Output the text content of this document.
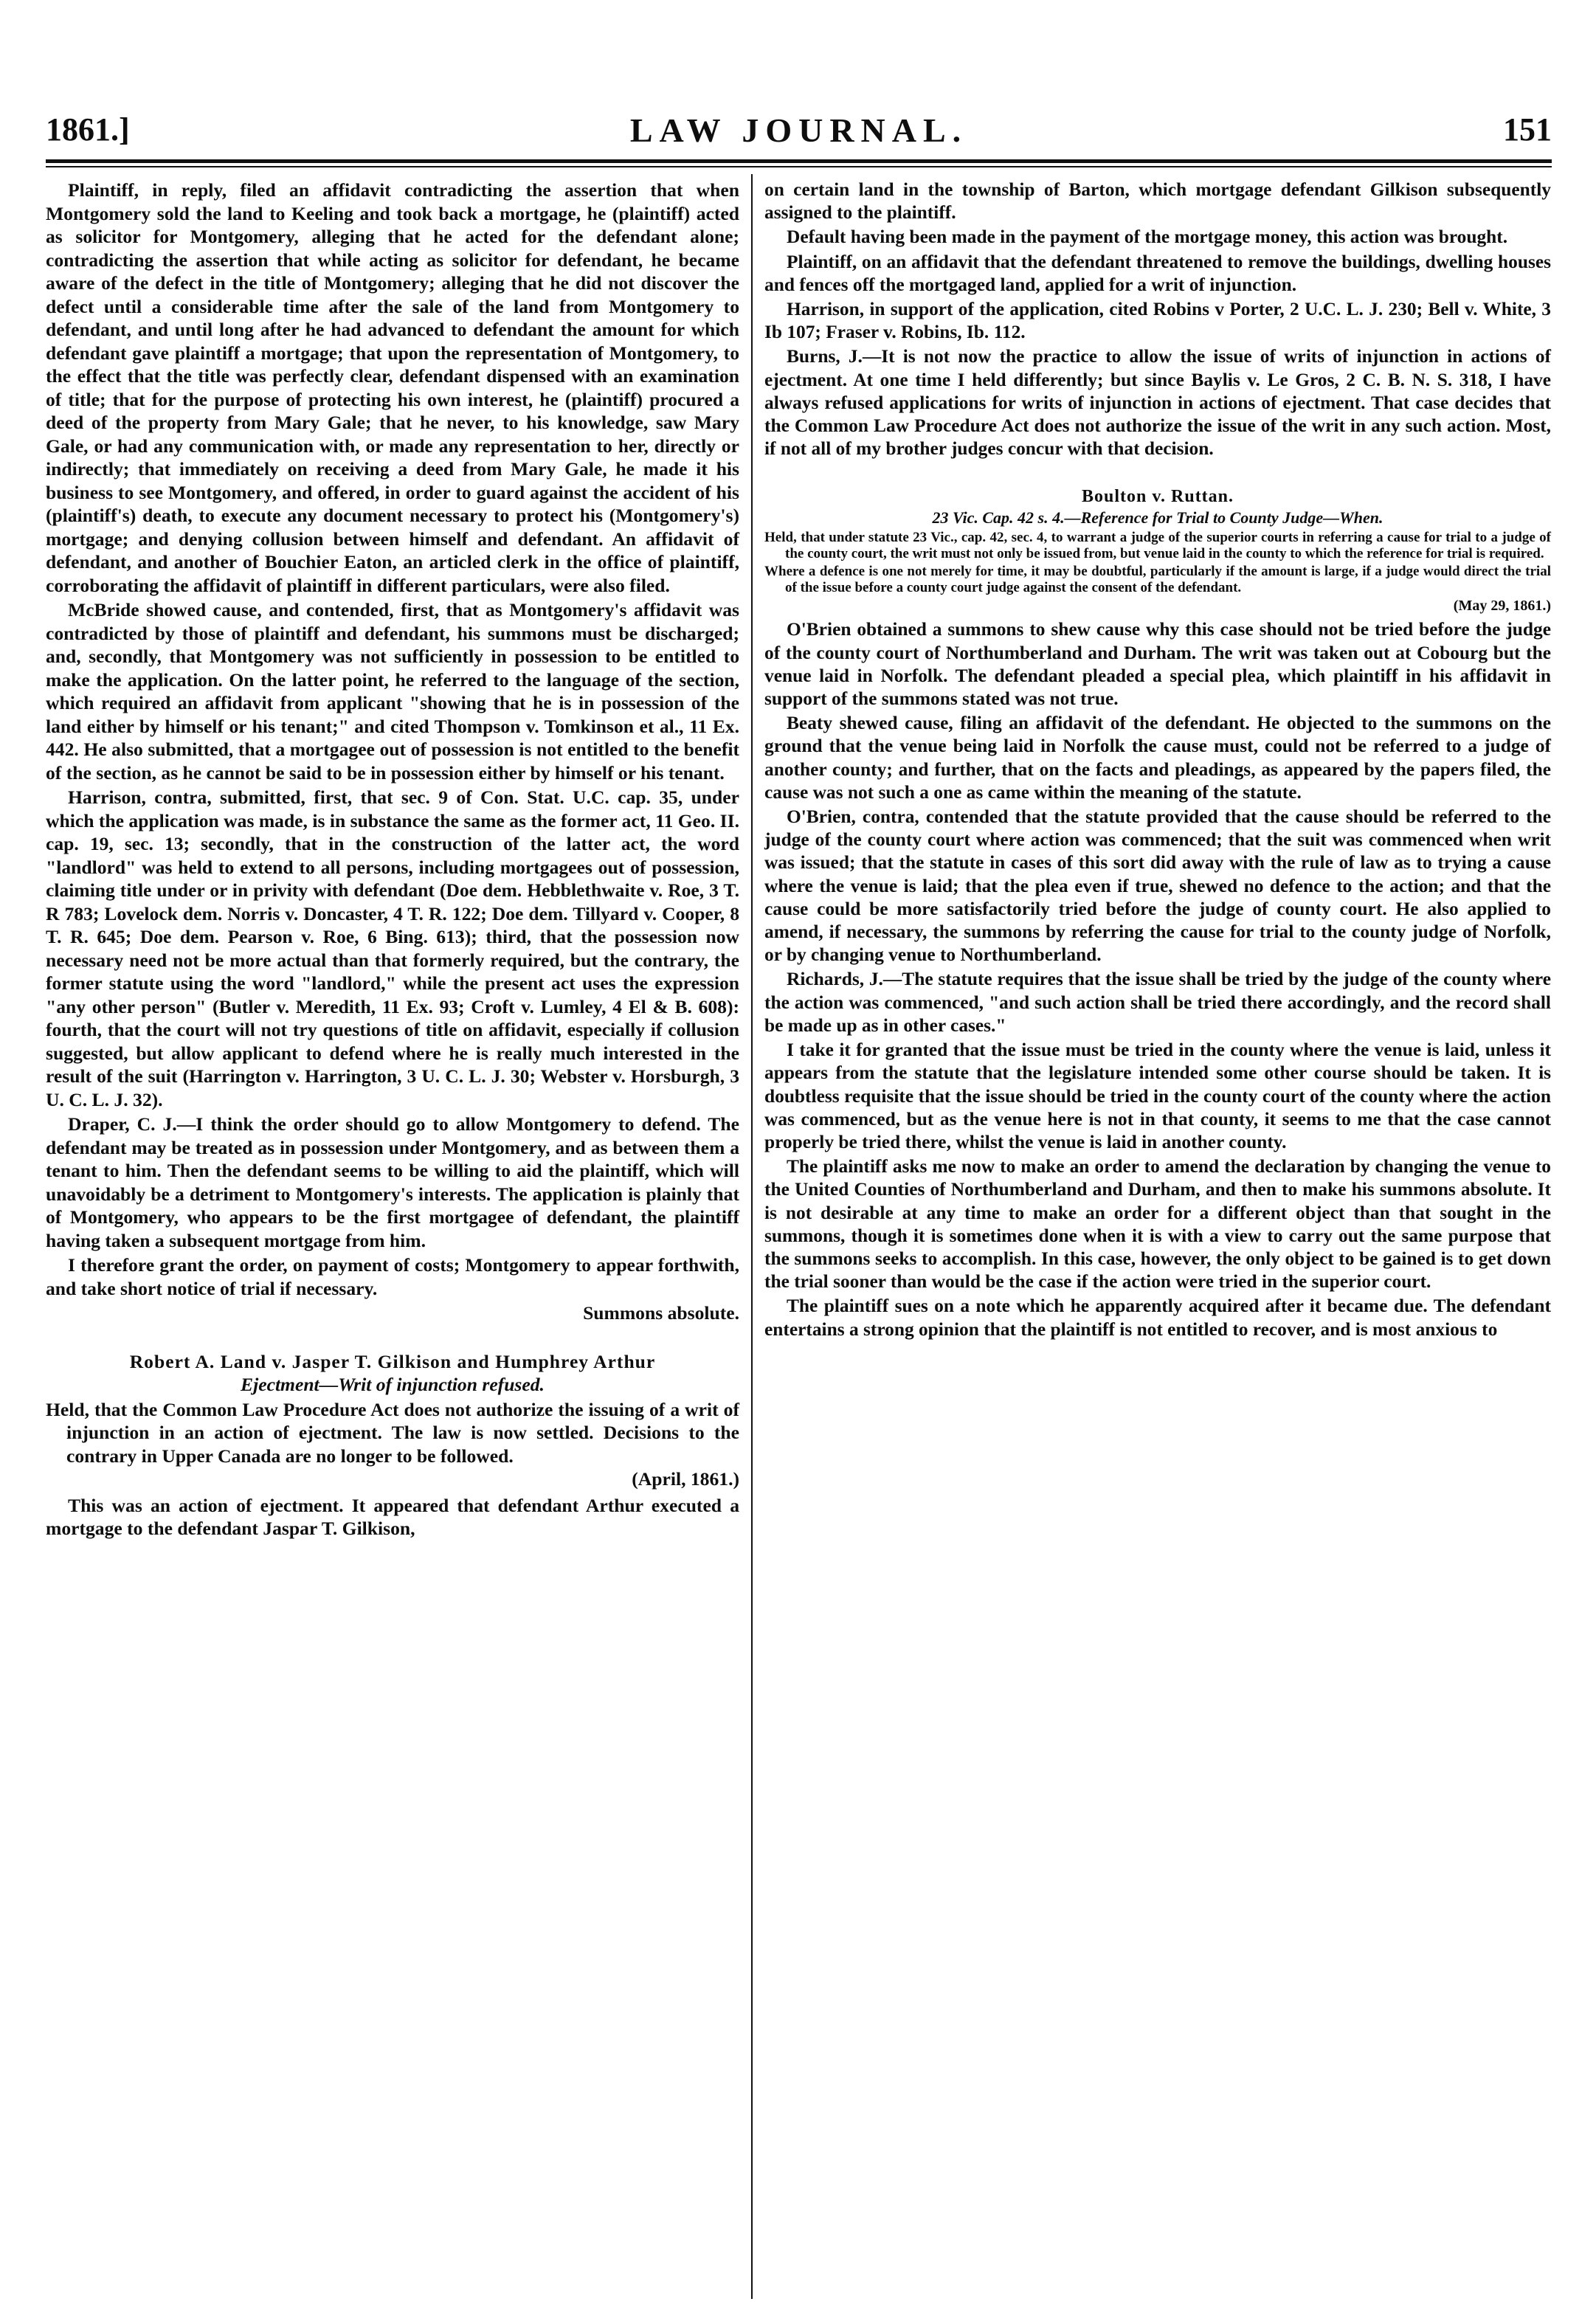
1861.]	LAW JOURNAL.	151

Plaintiff, in reply, filed an affidavit contradicting the assertion that when Montgomery sold the land to Keeling and took back a mortgage, he (plaintiff) acted as solicitor for Montgomery, alleging that he acted for the defendant alone; contradicting the assertion that while acting as solicitor for defendant, he became aware of the defect in the title of Montgomery; alleging that he did not discover the defect until a considerable time after the sale of the land from Montgomery to defendant, and until long after he had advanced to defendant the amount for which defendant gave plaintiff a mortgage; that upon the representation of Montgomery, to the effect that the title was perfectly clear, defendant dispensed with an examination of title; that for the purpose of protecting his own interest, he (plaintiff) procured a deed of the property from Mary Gale; that he never, to his knowledge, saw Mary Gale, or had any communication with, or made any representation to her, directly or indirectly; that immediately on receiving a deed from Mary Gale, he made it his business to see Montgomery, and offered, in order to guard against the accident of his (plaintiff's) death, to execute any document necessary to protect his (Montgomery's) mortgage; and denying collusion between himself and defendant. An affidavit of defendant, and another of Bouchier Eaton, an articled clerk in the office of plaintiff, corroborating the affidavit of plaintiff in different particulars, were also filed.

McBride showed cause, and contended, first, that as Montgomery's affidavit was contradicted by those of plaintiff and defendant, his summons must be discharged; and, secondly, that Montgomery was not sufficiently in possession to be entitled to make the application. On the latter point, he referred to the language of the section, which required an affidavit from applicant "showing that he is in possession of the land either by himself or his tenant;" and cited Thompson v. Tomkinson et al., 11 Ex. 442. He also submitted, that a mortgagee out of possession is not entitled to the benefit of the section, as he cannot be said to be in possession either by himself or his tenant.

Harrison, contra, submitted, first, that sec. 9 of Con. Stat. U.C. cap. 35, under which the application was made, is in substance the same as the former act, 11 Geo. II. cap. 19, sec. 13; secondly, that in the construction of the latter act, the word "landlord" was held to extend to all persons, including mortgagees out of possession, claiming title under or in privity with defendant (Doe dem. Hebblethwaite v. Roe, 3 T. R 783; Lovelock dem. Norris v. Doncaster, 4 T. R. 122; Doe dem. Tillyard v. Cooper, 8 T. R. 645; Doe dem. Pearson v. Roe, 6 Bing. 613); third, that the possession now necessary need not be more actual than that formerly required, but the contrary, the former statute using the word "landlord," while the present act uses the expression "any other person" (Butler v. Meredith, 11 Ex. 93; Croft v. Lumley, 4 El & B. 608): fourth, that the court will not try questions of title on affidavit, especially if collusion suggested, but allow applicant to defend where he is really much interested in the result of the suit (Harrington v. Harrington, 3 U. C. L. J. 30; Webster v. Horsburgh, 3 U. C. L. J. 32).

Draper, C. J.—I think the order should go to allow Montgomery to defend. The defendant may be treated as in possession under Montgomery, and as between them a tenant to him. Then the defendant seems to be willing to aid the plaintiff, which will unavoidably be a detriment to Montgomery's interests. The application is plainly that of Montgomery, who appears to be the first mortgagee of defendant, the plaintiff having taken a subsequent mortgage from him.

I therefore grant the order, on payment of costs; Montgomery to appear forthwith, and take short notice of trial if necessary.

Summons absolute.

Robert A. Land v. Jasper T. Gilkison and Humphrey Arthur

Ejectment—Writ of injunction refused.

Held, that the Common Law Procedure Act does not authorize the issuing of a writ of injunction in an action of ejectment. The law is now settled. Decisions to the contrary in Upper Canada are no longer to be followed.

(April, 1861.)

This was an action of ejectment. It appeared that defendant Arthur executed a mortgage to the defendant Jaspar T. Gilkison,

on certain land in the township of Barton, which mortgage defendant Gilkison subsequently assigned to the plaintiff.

Default having been made in the payment of the mortgage money, this action was brought.

Plaintiff, on an affidavit that the defendant threatened to remove the buildings, dwelling houses and fences off the mortgaged land, applied for a writ of injunction.

Harrison, in support of the application, cited Robins v Porter, 2 U.C. L. J. 230; Bell v. White, 3 Ib 107; Fraser v. Robins, Ib. 112.

Burns, J.—It is not now the practice to allow the issue of writs of injunction in actions of ejectment. At one time I held differently; but since Baylis v. Le Gros, 2 C. B. N. S. 318, I have always refused applications for writs of injunction in actions of ejectment. That case decides that the Common Law Procedure Act does not authorize the issue of the writ in any such action. Most, if not all of my brother judges concur with that decision.

Boulton v. Ruttan.

23 Vic. Cap. 42 s. 4.—Reference for Trial to County Judge—When.

Held, that under statute 23 Vic., cap. 42, sec. 4, to warrant a judge of the superior courts in referring a cause for trial to a judge of the county court, the writ must not only be issued from, but venue laid in the county to which the reference for trial is required.

Where a defence is one not merely for time, it may be doubtful, particularly if the amount is large, if a judge would direct the trial of the issue before a county court judge against the consent of the defendant.

(May 29, 1861.)

O'Brien obtained a summons to shew cause why this case should not be tried before the judge of the county court of Northumberland and Durham. The writ was taken out at Cobourg but the venue laid in Norfolk. The defendant pleaded a special plea, which plaintiff in his affidavit in support of the summons stated was not true.

Beaty shewed cause, filing an affidavit of the defendant. He objected to the summons on the ground that the venue being laid in Norfolk the cause must, could not be referred to a judge of another county; and further, that on the facts and pleadings, as appeared by the papers filed, the cause was not such a one as came within the meaning of the statute.

O'Brien, contra, contended that the statute provided that the cause should be referred to the judge of the county court where action was commenced; that the suit was commenced when writ was issued; that the statute in cases of this sort did away with the rule of law as to trying a cause where the venue is laid; that the plea even if true, shewed no defence to the action; and that the cause could be more satisfactorily tried before the judge of county court. He also applied to amend, if necessary, the summons by referring the cause for trial to the county judge of Norfolk, or by changing venue to Northumberland.

Richards, J.—The statute requires that the issue shall be tried by the judge of the county where the action was commenced, "and such action shall be tried there accordingly, and the record shall be made up as in other cases."

I take it for granted that the issue must be tried in the county where the venue is laid, unless it appears from the statute that the legislature intended some other course should be taken. It is doubtless requisite that the issue should be tried in the county court of the county where the action was commenced, but as the venue here is not in that county, it seems to me that the case cannot properly be tried there, whilst the venue is laid in another county.

The plaintiff asks me now to make an order to amend the declaration by changing the venue to the United Counties of Northumberland and Durham, and then to make his summons absolute. It is not desirable at any time to make an order for a different object than that sought in the summons, though it is sometimes done when it is with a view to carry out the same purpose that the summons seeks to accomplish. In this case, however, the only object to be gained is to get down the trial sooner than would be the case if the action were tried in the superior court.

The plaintiff sues on a note which he apparently acquired after it became due. The defendant entertains a strong opinion that the plaintiff is not entitled to recover, and is most anxious to
